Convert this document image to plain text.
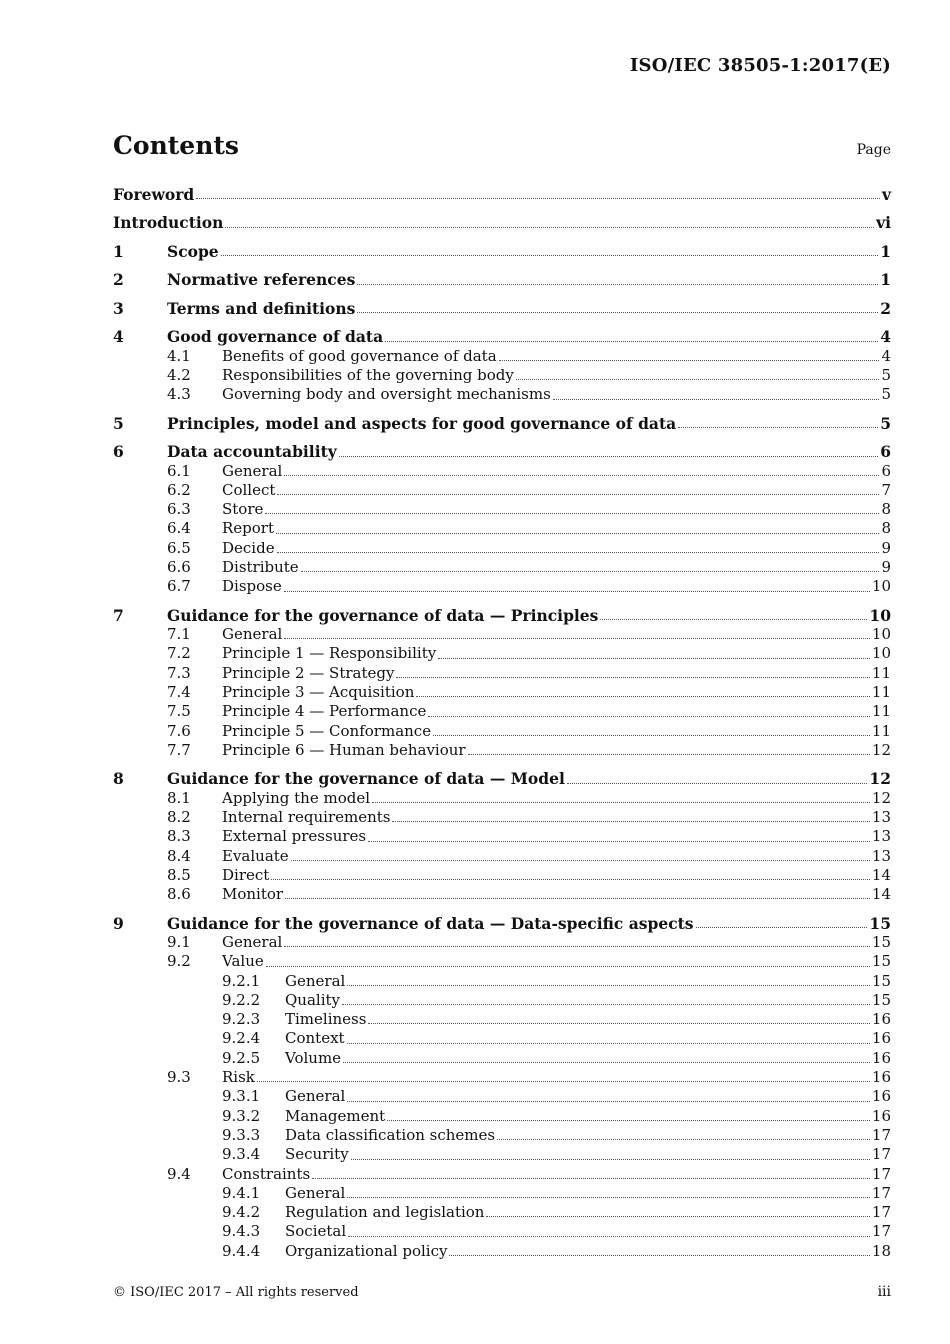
ISO/IEC 38505-1:2017(E)
Contents	Page
Foreword	v
Introduction	vi
1	Scope	1
2	Normative references	1
3	Terms and definitions	2
4	Good governance of data	4
4.1	Benefits of good governance of data	4
4.2	Responsibilities of the governing body	5
4.3	Governing body and oversight mechanisms	5
5	Principles, model and aspects for good governance of data	5
6	Data accountability	6
6.1	General	6
6.2	Collect	7
6.3	Store	8
6.4	Report	8
6.5	Decide	9
6.6	Distribute	9
6.7	Dispose	10
7	Guidance for the governance of data — Principles	10
7.1	General	10
7.2	Principle 1 — Responsibility	10
7.3	Principle 2 — Strategy	11
7.4	Principle 3 — Acquisition	11
7.5	Principle 4 — Performance	11
7.6	Principle 5 — Conformance	11
7.7	Principle 6 — Human behaviour	12
8	Guidance for the governance of data — Model	12
8.1	Applying the model	12
8.2	Internal requirements	13
8.3	External pressures	13
8.4	Evaluate	13
8.5	Direct	14
8.6	Monitor	14
9	Guidance for the governance of data — Data-specific aspects	15
9.1	General	15
9.2	Value	15
9.2.1	General	15
9.2.2	Quality	15
9.2.3	Timeliness	16
9.2.4	Context	16
9.2.5	Volume	16
9.3	Risk	16
9.3.1	General	16
9.3.2	Management	16
9.3.3	Data classification schemes	17
9.3.4	Security	17
9.4	Constraints	17
9.4.1	General	17
9.4.2	Regulation and legislation	17
9.4.3	Societal	17
9.4.4	Organizational policy	18
© ISO/IEC 2017 – All rights reserved	iii
